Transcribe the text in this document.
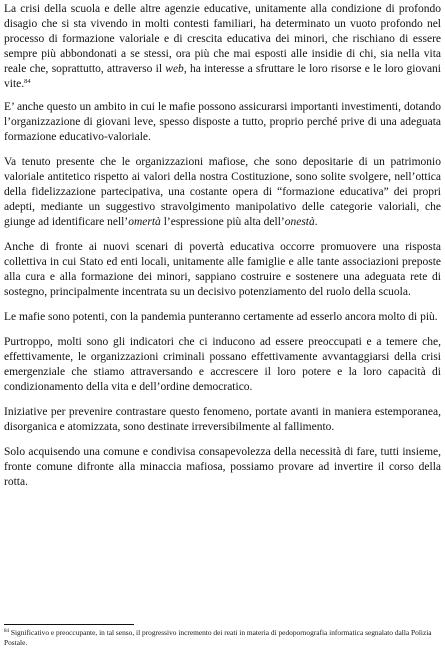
La crisi della scuola e delle altre agenzie educative, unitamente alla condizione di profondo disagio che si sta vivendo in molti contesti familiari, ha determinato un vuoto profondo nel processo di formazione valoriale e di crescita educativa dei minori, che rischiano di essere sempre più abbondonati a se stessi, ora più che mai esposti alle insidie di chi, sia nella vita reale che, soprattutto, attraverso il web, ha interesse a sfruttare le loro risorse e le loro giovani vite.$^{84}$

E’ anche questo un ambito in cui le mafie possono assicurarsi importanti investimenti, dotando l’organizzazione di giovani leve, spesso disposte a tutto, proprio perché prive di una adeguata formazione educativo-valoriale.

Va tenuto presente che le organizzazioni mafiose, che sono depositarie di un patrimonio valoriale antitetico rispetto ai valori della nostra Costituzione, sono solite svolgere, nell’ottica della fidelizzazione partecipativa, una costante opera di “formazione educativa” dei propri adepti, mediante un suggestivo stravolgimento manipolativo delle categorie valoriali, che giunge ad identificare nell’omertà l’espressione più alta dell’onestà.

Anche di fronte ai nuovi scenari di povertà educativa occorre promuovere una risposta collettiva in cui Stato ed enti locali, unitamente alle famiglie e alle tante associazioni preposte alla cura e alla formazione dei minori, sappiano costruire e sostenere una adeguata rete di sostegno, principalmente incentrata su un decisivo potenziamento del ruolo della scuola.

Le mafie sono potenti, con la pandemia punteranno certamente ad esserlo ancora molto di più.

Purtroppo, molti sono gli indicatori che ci inducono ad essere preoccupati e a temere che, effettivamente, le organizzazioni criminali possano effettivamente avvantaggiarsi della crisi emergenziale che stiamo attraversando e accrescere il loro potere e la loro capacità di condizionamento della vita e dell’ordine democratico.

Iniziative per prevenire contrastare questo fenomeno, portate avanti in maniera estemporanea, disorganica e atomizzata, sono destinate irreversibilmente al fallimento.

Solo acquisendo una comune e condivisa consapevolezza della necessità di fare, tutti insieme, fronte comune difronte alla minaccia mafiosa, possiamo provare ad invertire il corso della rotta.

$^{84}$ Significativo e preoccupante, in tal senso, il progressivo incremento dei reati in materia di pedopornografia informatica segnalato dalla Polizia Postale.
